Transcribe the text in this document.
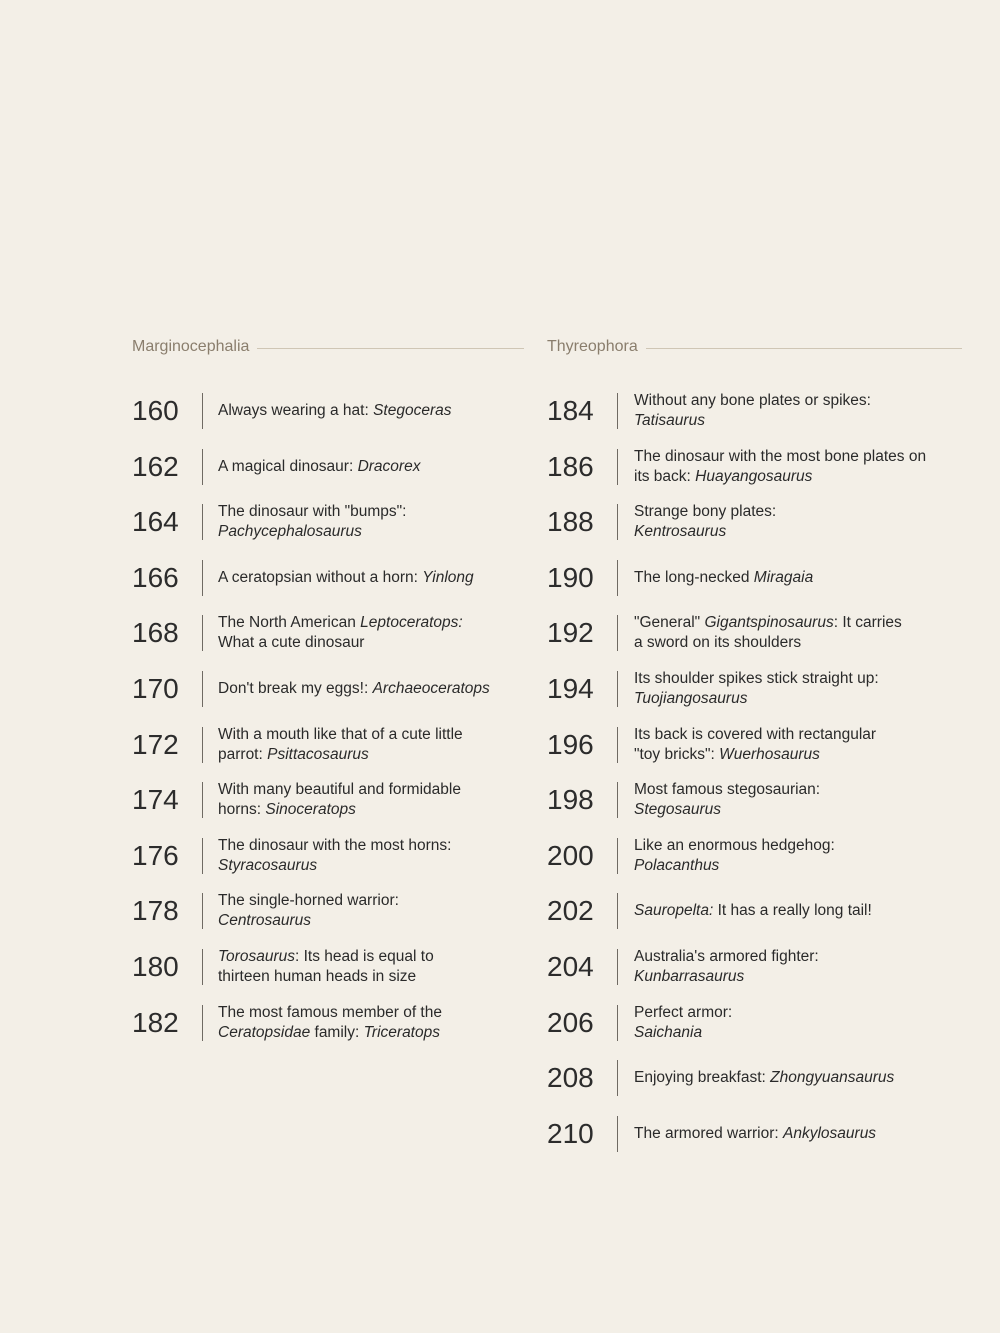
Marginocephalia
160	Always wearing a hat: Stegoceras
162	A magical dinosaur: Dracorex
164	The dinosaur with "bumps":
Pachycephalosaurus
166	A ceratopsian without a horn: Yinlong
168	The North American Leptoceratops:
What a cute dinosaur
170	Don't break my eggs!: Archaeoceratops
172	With a mouth like that of a cute little
parrot: Psittacosaurus
174	With many beautiful and formidable
horns: Sinoceratops
176	The dinosaur with the most horns:
Styracosaurus
178	The single-horned warrior:
Centrosaurus
180	Torosaurus: Its head is equal to
thirteen human heads in size
182	The most famous member of the
Ceratopsidae family: Triceratops
Thyreophora
184	Without any bone plates or spikes:
Tatisaurus
186	The dinosaur with the most bone plates on
its back: Huayangosaurus
188	Strange bony plates:
Kentrosaurus
190	The long-necked Miragaia
192	"General" Gigantspinosaurus: It carries
a sword on its shoulders
194	Its shoulder spikes stick straight up:
Tuojiangosaurus
196	Its back is covered with rectangular
"toy bricks": Wuerhosaurus
198	Most famous stegosaurian:
Stegosaurus
200	Like an enormous hedgehog:
Polacanthus
202	Sauropelta: It has a really long tail!
204	Australia's armored fighter:
Kunbarrasaurus
206	Perfect armor:
Saichania
208	Enjoying breakfast: Zhongyuansaurus
210	The armored warrior: Ankylosaurus
